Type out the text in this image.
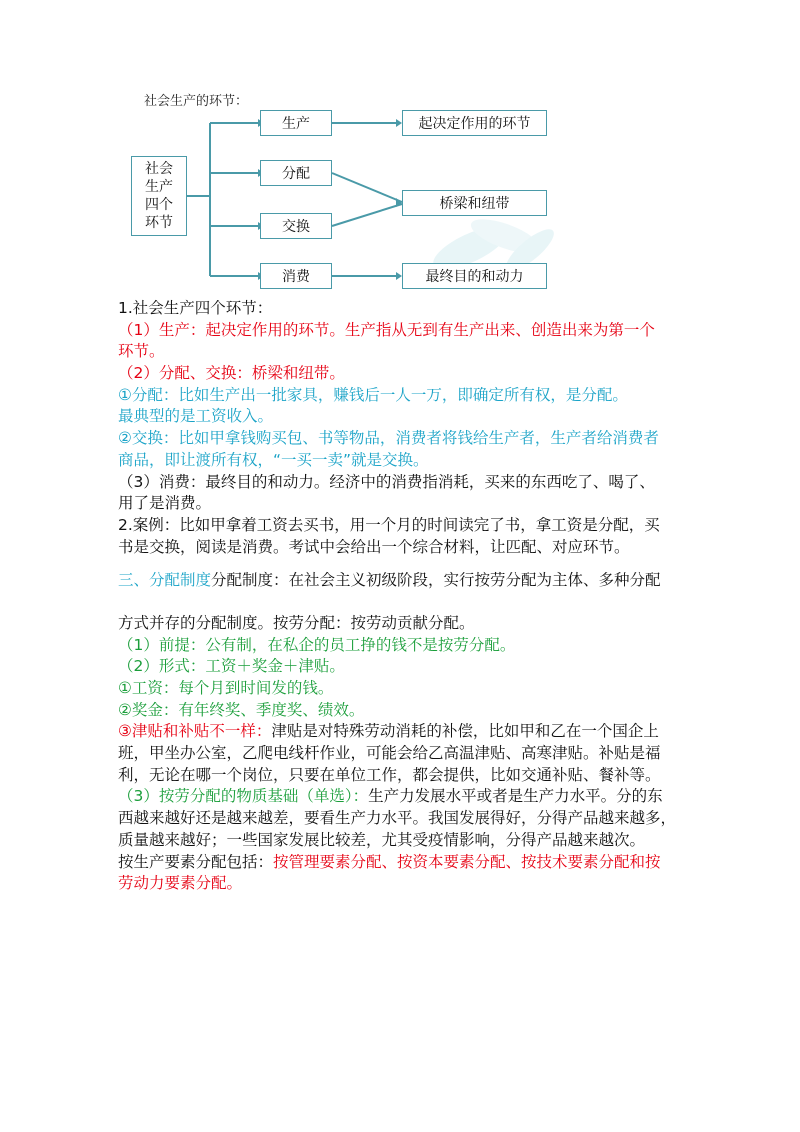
社会生产的环节：
社会
生产
四个
环节
生产
分配
交换
消费
起决定作用的环节
桥梁和纽带
最终目的和动力
1.社会生产四个环节：
（1）生产：起决定作用的环节。生产指从无到有生产出来、创造出来为第一个
环节。
（2）分配、交换：桥梁和纽带。
①分配：比如生产出一批家具，赚钱后一人一万，即确定所有权，是分配。
最典型的是工资收入。
②交换：比如甲拿钱购买包、书等物品，消费者将钱给生产者，生产者给消费者
商品，即让渡所有权，“一买一卖”就是交换。
（3）消费：最终目的和动力。经济中的消费指消耗，买来的东西吃了、喝了、
用了是消费。
2.案例：比如甲拿着工资去买书，用一个月的时间读完了书，拿工资是分配，买
书是交换，阅读是消费。考试中会给出一个综合材料，让匹配、对应环节。
三、分配制度分配制度：在社会主义初级阶段，实行按劳分配为主体、多种分配
方式并存的分配制度。按劳分配：按劳动贡献分配。
（1）前提：公有制，在私企的员工挣的钱不是按劳分配。
（2）形式：工资＋奖金＋津贴。
①工资：每个月到时间发的钱。
②奖金：有年终奖、季度奖、绩效。
③津贴和补贴不一样：津贴是对特殊劳动消耗的补偿，比如甲和乙在一个国企上
班，甲坐办公室，乙爬电线杆作业，可能会给乙高温津贴、高寒津贴。补贴是福
利，无论在哪一个岗位，只要在单位工作，都会提供，比如交通补贴、餐补等。
（3）按劳分配的物质基础（单选）：生产力发展水平或者是生产力水平。分的东
西越来越好还是越来越差，要看生产力水平。我国发展得好，分得产品越来越多，
质量越来越好；一些国家发展比较差，尤其受疫情影响，分得产品越来越次。
按生产要素分配包括：按管理要素分配、按资本要素分配、按技术要素分配和按
劳动力要素分配。
